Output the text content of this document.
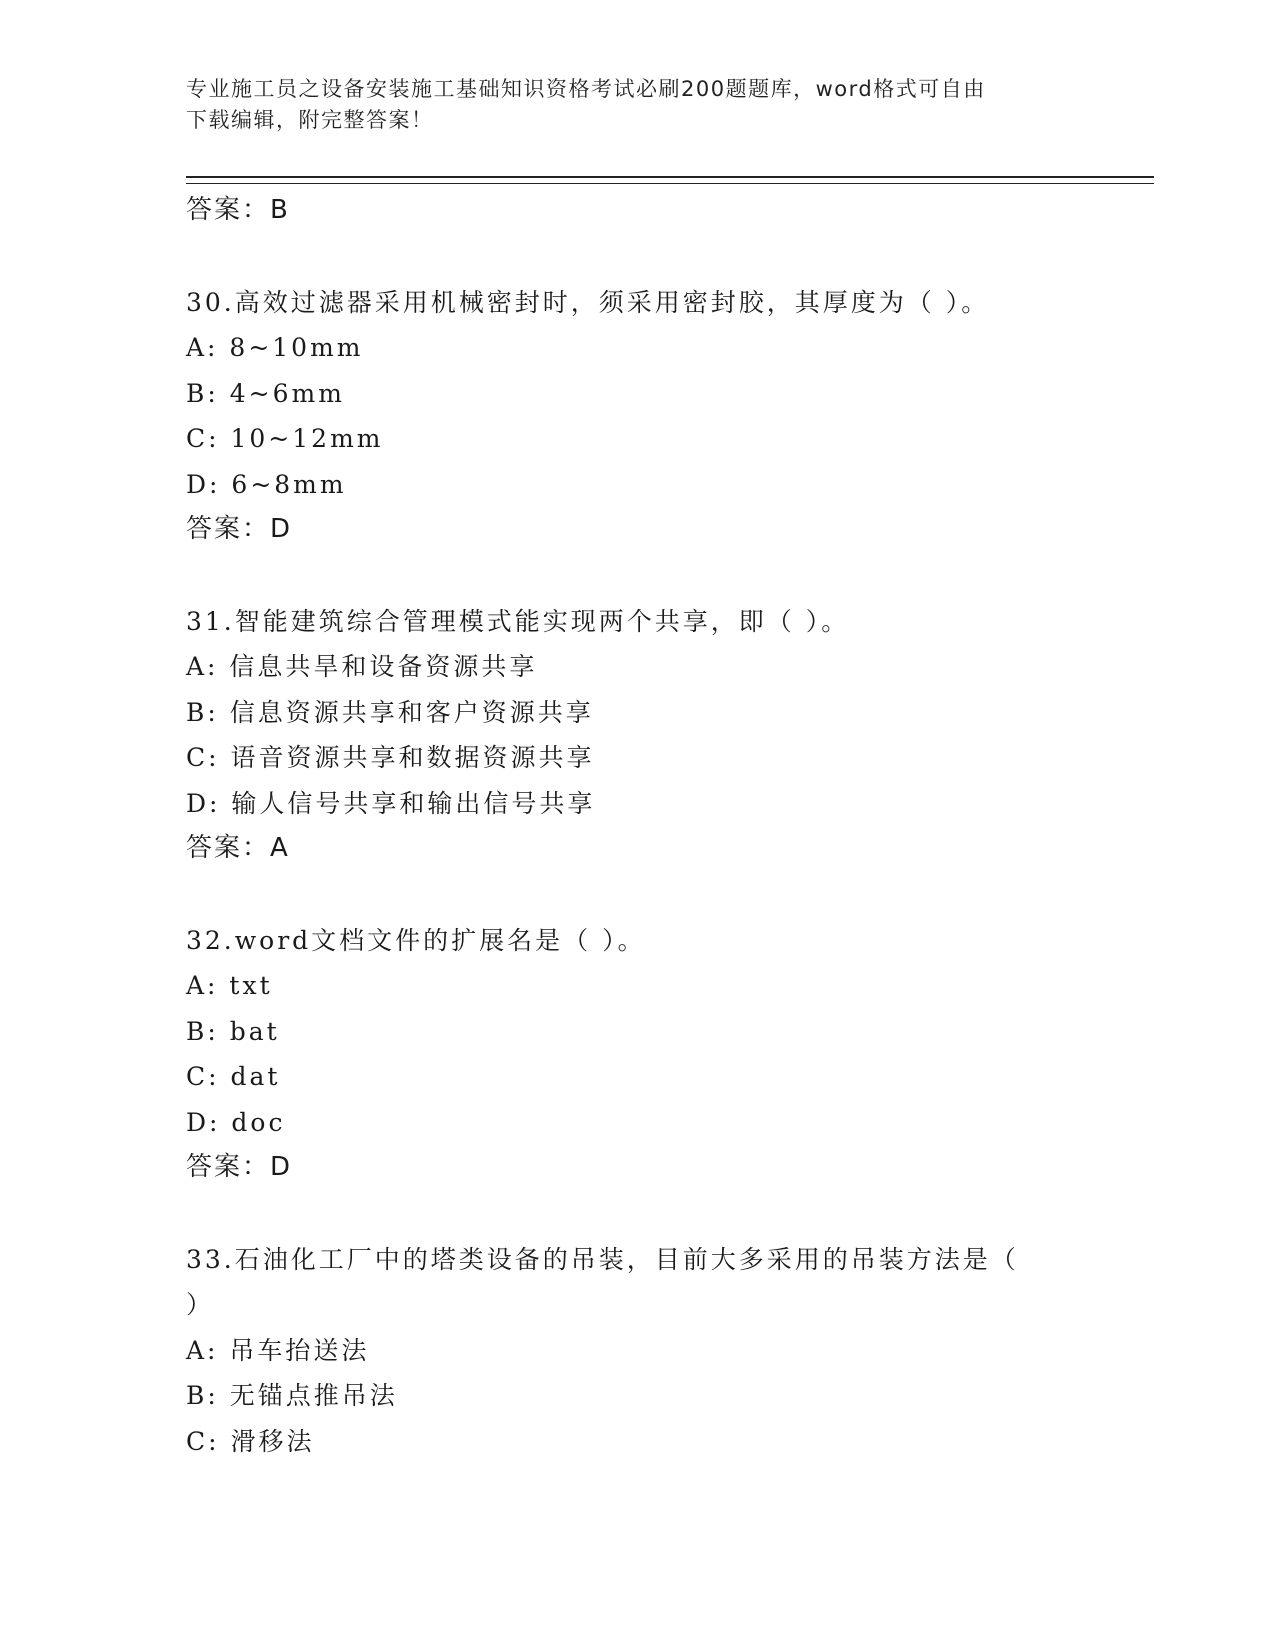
专业施工员之设备安装施工基础知识资格考试必刷200题题库，word格式可自由
下载编辑，附完整答案！
答案：B
30.高效过滤器采用机械密封时，须采用密封胶，其厚度为（ ）。
A: 8~10mm
B: 4~6mm
C: 10~12mm
D: 6~8mm
答案：D
31.智能建筑综合管理模式能实现两个共享，即（ ）。
A: 信息共旱和设备资源共享
B: 信息资源共享和客户资源共享
C: 语音资源共享和数据资源共享
D: 输人信号共享和输出信号共享
答案：A
32.word文档文件的扩展名是（ ）。
A: txt
B: bat
C: dat
D: doc
答案：D
33.石油化工厂中的塔类设备的吊装，目前大多采用的吊装方法是（
）
A: 吊车抬送法
B: 无锚点推吊法
C: 滑移法
